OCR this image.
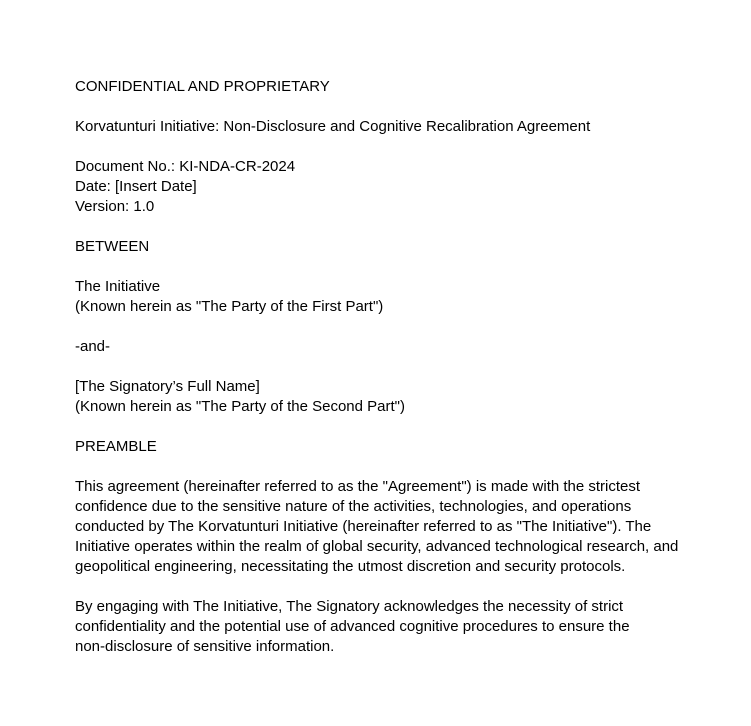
CONFIDENTIAL AND PROPRIETARY

Korvatunturi Initiative: Non-Disclosure and Cognitive Recalibration Agreement

Document No.: KI-NDA-CR-2024

Date: [Insert Date]

Version: 1.0

BETWEEN

The Initiative

(Known herein as "The Party of the First Part")

-and-

[The Signatory’s Full Name]

(Known herein as "The Party of the Second Part")

PREAMBLE

This agreement (hereinafter referred to as the "Agreement") is made with the strictest
confidence due to the sensitive nature of the activities, technologies, and operations
conducted by The Korvatunturi Initiative (hereinafter referred to as "The Initiative"). The
Initiative operates within the realm of global security, advanced technological research, and
geopolitical engineering, necessitating the utmost discretion and security protocols.
By engaging with The Initiative, The Signatory acknowledges the necessity of strict
confidentiality and the potential use of advanced cognitive procedures to ensure the
non-disclosure of sensitive information.
